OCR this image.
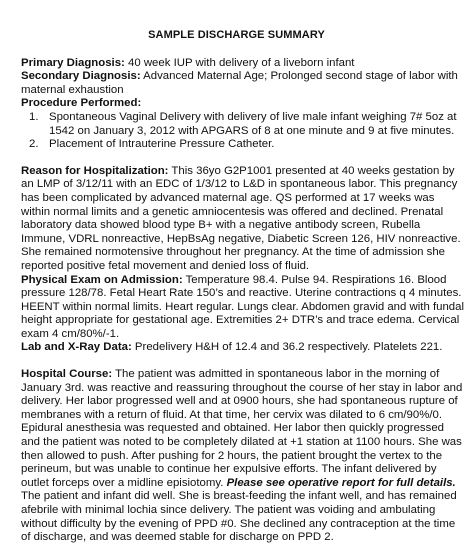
SAMPLE DISCHARGE SUMMARY

Primary Diagnosis: 40 week IUP with delivery of a liveborn infant

Secondary Diagnosis: Advanced Maternal Age; Prolonged second stage of labor with maternal exhaustion

Procedure Performed:

1. Spontaneous Vaginal Delivery with delivery of live male infant weighing 7# 5oz at 1542 on January 3, 2012 with APGARS of 8 at one minute and 9 at five minutes.
2. Placement of Intrauterine Pressure Catheter.

Reason for Hospitalization: This 36yo G2P1001 presented at 40 weeks gestation by an LMP of 3/12/11 with an EDC of 1/3/12 to L&D in spontaneous labor. This pregnancy has been complicated by advanced maternal age. QS performed at 17 weeks was within normal limits and a genetic amniocentesis was offered and declined. Prenatal laboratory data showed blood type B+ with a negative antibody screen, Rubella Immune, VDRL nonreactive, HepBsAg negative, Diabetic Screen 126, HIV nonreactive. She remained normotensive throughout her pregnancy. At the time of admission she reported positive fetal movement and denied loss of fluid.

Physical Exam on Admission: Temperature 98.4. Pulse 94. Respirations 16. Blood pressure 128/78. Fetal Heart Rate 150’s and reactive. Uterine contractions q 4 minutes. HEENT within normal limits. Heart regular. Lungs clear. Abdomen gravid and with fundal height appropriate for gestational age. Extremities 2+ DTR’s and trace edema. Cervical exam 4 cm/80%/-1.

Lab and X-Ray Data: Predelivery H&H of 12.4 and 36.2 respectively. Platelets 221.

Hospital Course: The patient was admitted in spontaneous labor in the morning of January 3rd. was reactive and reassuring throughout the course of her stay in labor and delivery. Her labor progressed well and at 0900 hours, she had spontaneous rupture of membranes with a return of fluid. At that time, her cervix was dilated to 6 cm/90%/0. Epidural anesthesia was requested and obtained. Her labor then quickly progressed and the patient was noted to be completely dilated at +1 station at 1100 hours. She was then allowed to push. After pushing for 2 hours, the patient brought the vertex to the perineum, but was unable to continue her expulsive efforts. The infant delivered by outlet forceps over a midline episiotomy. Please see operative report for full details.
The patient and infant did well. She is breast-feeding the infant well, and has remained afebrile with minimal lochia since delivery. The patient was voiding and ambulating without difficulty by the evening of PPD #0. She declined any contraception at the time of discharge, and was deemed stable for discharge on PPD 2.
